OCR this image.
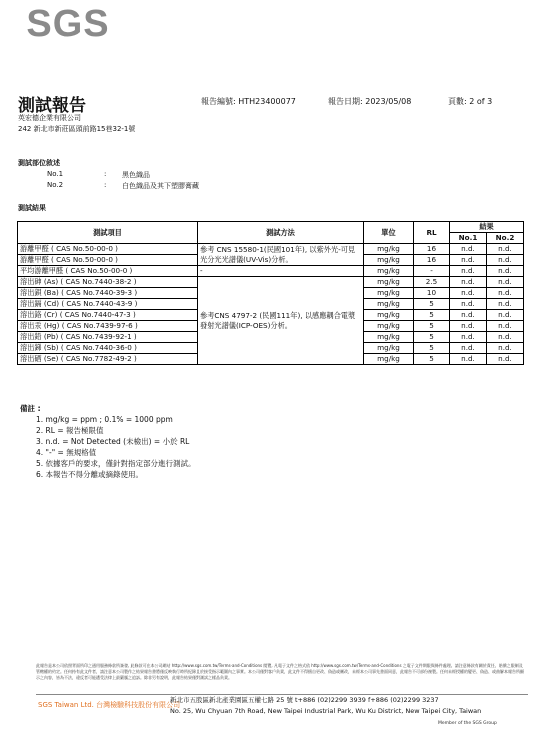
SGS
測試報告	報告編號: HTH23400077	報告日期: 2023/05/08	頁數: 2 of 3
英宏德企業有限公司
242 新北市新莊區頭前路15巷32-1號
測試部位敘述
No.1	: 黑色織品
No.2	: 白色織品及其下塑膠膏藏
測試結果
測試項目	測試方法	單位	RL	結果	
				No.1	No.2
游離甲醛 ( CAS No.50-00-0 )	參考 CNS 15580-1(民國101年), 以紫外光-可見光分光光譜儀(UV-Vis)分析。	mg/kg	16	n.d.	n.d.
游離甲醛 ( CAS No.50-00-0 )		mg/kg	16	n.d.	n.d.
平均游離甲醛 ( CAS No.50-00-0 )	-	mg/kg	-	n.d.	n.d.
溶出砷 (As) ( CAS No.7440-38-2 )	參考CNS 4797-2 (民國111年), 以感應耦合電漿發射光譜儀(ICP-OES)分析。	mg/kg	2.5	n.d.	n.d.
溶出鋇 (Ba) ( CAS No.7440-39-3 )		mg/kg	10	n.d.	n.d.
溶出鎘 (Cd) ( CAS No.7440-43-9 )		mg/kg	5	n.d.	n.d.
溶出鉻 (Cr) ( CAS No.7440-47-3 )		mg/kg	5	n.d.	n.d.
溶出汞 (Hg) ( CAS No.7439-97-6 )		mg/kg	5	n.d.	n.d.
溶出鉛 (Pb) ( CAS No.7439-92-1 )		mg/kg	5	n.d.	n.d.
溶出銻 (Sb) ( CAS No.7440-36-0 )		mg/kg	5	n.d.	n.d.
溶出硒 (Se) ( CAS No.7782-49-2 )		mg/kg	5	n.d.	n.d.
備註 :
1. mg/kg = ppm ; 0.1% = 1000 ppm
2. RL = 報告極限值
3. n.d. = Not Detected (未檢出) = 小於 RL
4. "-" = 無規格值
5. 依據客戶的要求，僅針對指定部分進行測試。
6. 本報告不得分離或摘錄使用。
此報告是本公司依照背面所印之通用服務條款所簽發, 此條款可在本公司網站 http://www.sgs.com.tw/Terms-and-Conditions 閱覽, 凡電子文件之格式依 http://www.sgs.com.tw/Terms-and-Conditions 之電子文件期限與條件處理。請注意條款有關於責任、賠償之限制及管轄權的約定。任何持有此文件者，請注意本公司製作之結果報告書將僅反映執行時所紀錄且於接受指示範圍內之事實。本公司僅對客戶負責，此文件不得擅自更改、偽造或刪改，未經本公司事先書面同意，此報告不可部份複製。任何未經授權的變更、偽造、或曲解本報告所顯示之內容，皆為不法，違反者可能遭受法律上最嚴厲之追訴。除非另有說明，此報告結果僅對測試之樣品負責。
SGS Taiwan Ltd. 台灣檢驗科技股份有限公司
新北市五股區新北產業園區五權七路 25 號 t+886 (02)2299 3939 f+886 (02)2299 3237
No. 25, Wu Chyuan 7th Road, New Taipei Industrial Park, Wu Ku District, New Taipei City, Taiwan
Member of the SGS Group
